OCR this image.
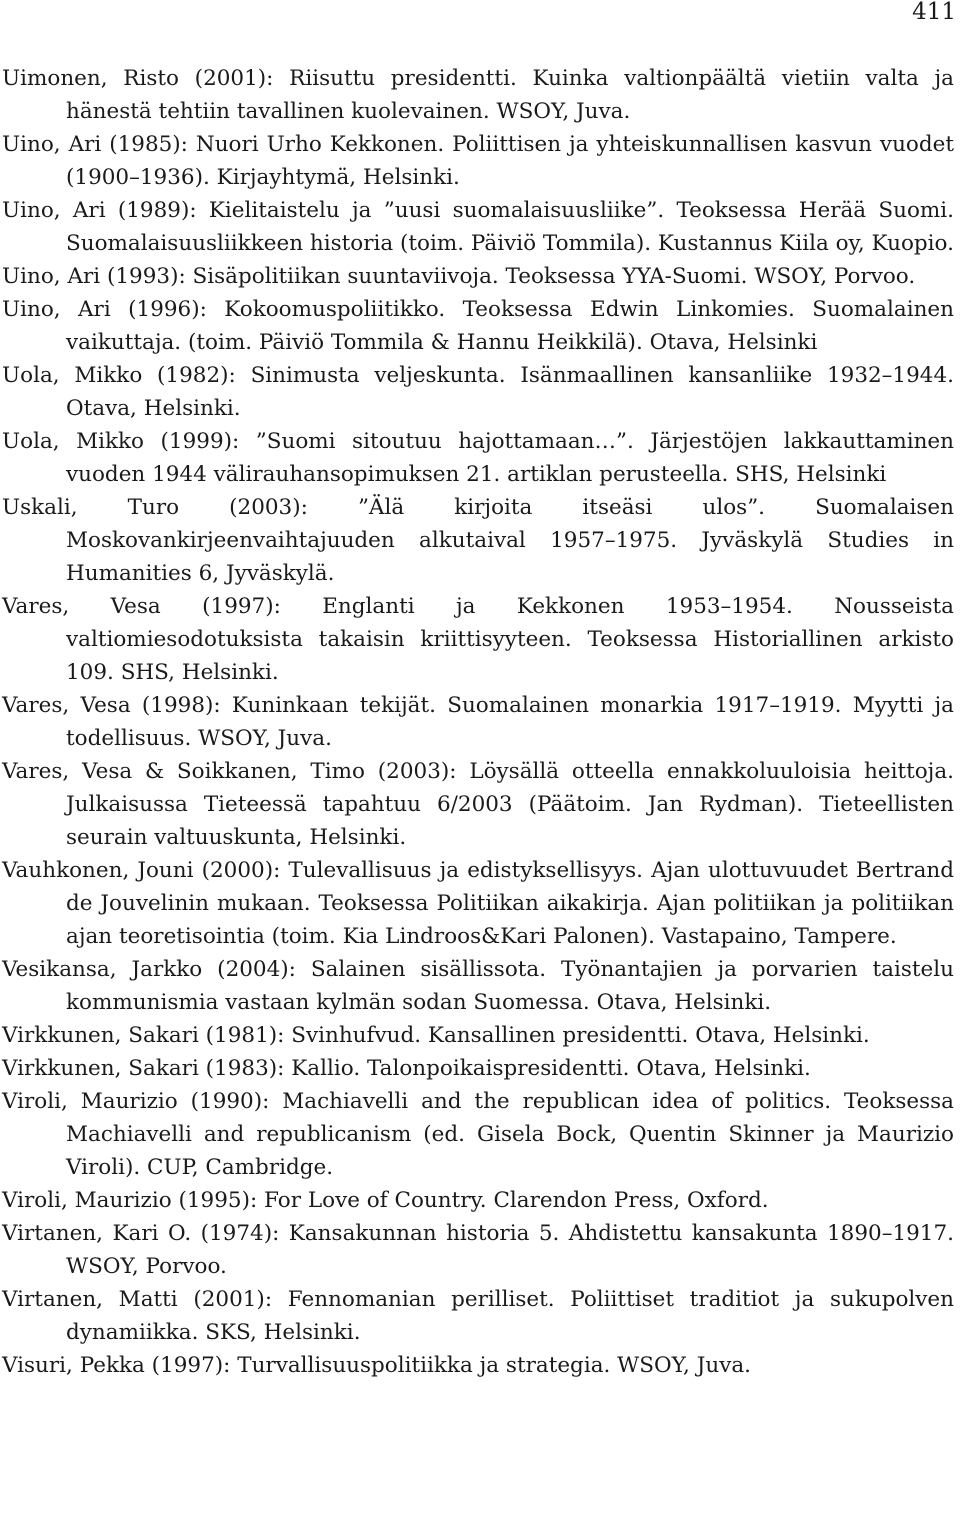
411
Uimonen, Risto (2001): Riisuttu presidentti. Kuinka valtionpäältä vietiin valta ja hänestä tehtiin tavallinen kuolevainen. WSOY, Juva.
Uino, Ari (1985): Nuori Urho Kekkonen. Poliittisen ja yhteiskunnallisen kasvun vuodet (1900–1936). Kirjayhtymä, Helsinki.
Uino, Ari (1989): Kielitaistelu ja ”uusi suomalaisuusliike”. Teoksessa Herää Suomi. Suomalaisuusliikkeen historia (toim. Päiviö Tommila). Kustannus Kiila oy, Kuopio.
Uino, Ari (1993): Sisäpolitiikan suuntaviivoja. Teoksessa YYA-Suomi. WSOY, Porvoo.
Uino, Ari (1996): Kokoomuspoliitikko. Teoksessa Edwin Linkomies. Suomalainen vaikuttaja. (toim. Päiviö Tommila & Hannu Heikkilä). Otava, Helsinki
Uola, Mikko (1982): Sinimusta veljeskunta. Isänmaallinen kansanliike 1932–1944. Otava, Helsinki.
Uola, Mikko (1999): ”Suomi sitoutuu hajottamaan…”. Järjestöjen lakkauttaminen vuoden 1944 välirauhansopimuksen 21. artiklan perusteella. SHS, Helsinki
Uskali, Turo (2003): ”Älä kirjoita itseäsi ulos”. Suomalaisen Moskovankirjeenvaihtajuuden alkutaival 1957–1975. Jyväskylä Studies in Humanities 6, Jyväskylä.
Vares, Vesa (1997): Englanti ja Kekkonen 1953–1954. Nousseista valtiomiesodotuksista takaisin kriittisyyteen. Teoksessa Historiallinen arkisto 109. SHS, Helsinki.
Vares, Vesa (1998): Kuninkaan tekijät. Suomalainen monarkia 1917–1919. Myytti ja todellisuus. WSOY, Juva.
Vares, Vesa & Soikkanen, Timo (2003): Löysällä otteella ennakkoluuloisia heittoja. Julkaisussa Tieteessä tapahtuu 6/2003 (Päätoim. Jan Rydman). Tieteellisten seurain valtuuskunta, Helsinki.
Vauhkonen, Jouni (2000): Tulevallisuus ja edistyksellisyys. Ajan ulottuvuudet Bertrand de Jouvelinin mukaan. Teoksessa Politiikan aikakirja. Ajan politiikan ja politiikan ajan teoretisointia (toim. Kia Lindroos&Kari Palonen). Vastapaino, Tampere.
Vesikansa, Jarkko (2004): Salainen sisällissota. Työnantajien ja porvarien taistelu kommunismia vastaan kylmän sodan Suomessa. Otava, Helsinki.
Virkkunen, Sakari (1981): Svinhufvud. Kansallinen presidentti. Otava, Helsinki.
Virkkunen, Sakari (1983): Kallio. Talonpoikaispresidentti. Otava, Helsinki.
Viroli, Maurizio (1990): Machiavelli and the republican idea of politics. Teoksessa Machiavelli and republicanism (ed. Gisela Bock, Quentin Skinner ja Maurizio Viroli). CUP, Cambridge.
Viroli, Maurizio (1995): For Love of Country. Clarendon Press, Oxford.
Virtanen, Kari O. (1974): Kansakunnan historia 5. Ahdistettu kansakunta 1890–1917. WSOY, Porvoo.
Virtanen, Matti (2001): Fennomanian perilliset. Poliittiset traditiot ja sukupolven dynamiikka. SKS, Helsinki.
Visuri, Pekka (1997): Turvallisuuspolitiikka ja strategia. WSOY, Juva.
